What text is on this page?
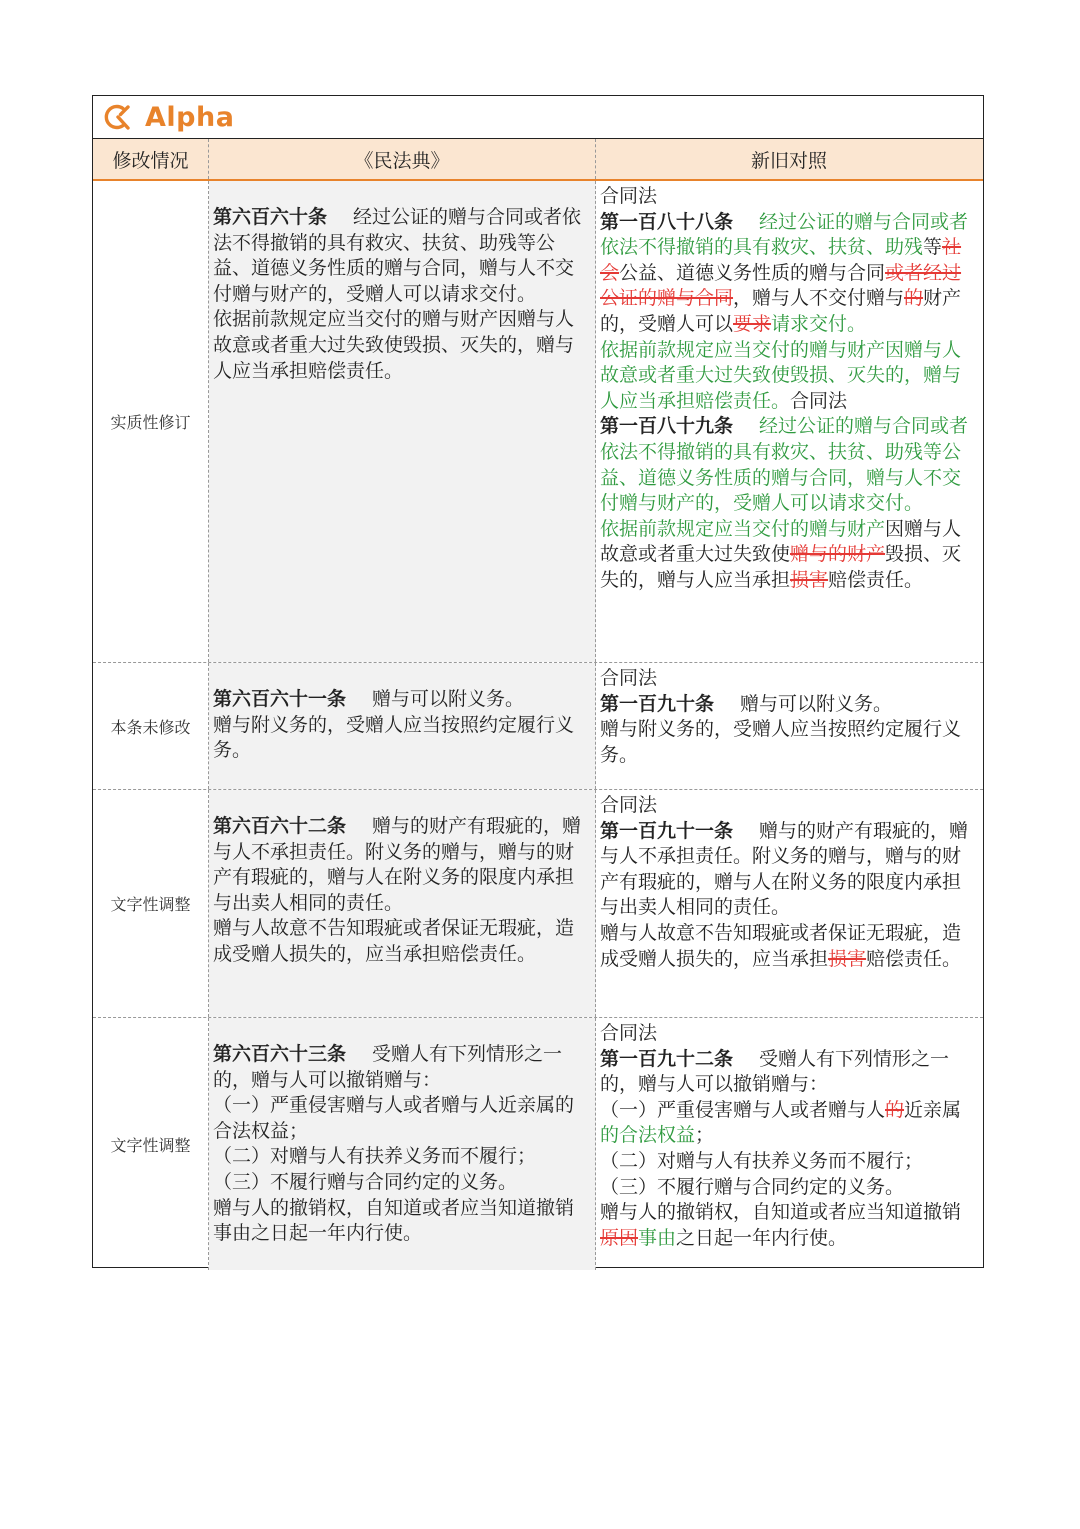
Alpha
修改情况	《民法典》	新旧对照
实质性修订

第六百六十条 经过公证的赠与合同或者依法不得撤销的具有救灾、扶贫、助残等公益、道德义务性质的赠与合同，赠与人不交付赠与财产的，受赠人可以请求交付。

依据前款规定应当交付的赠与财产因赠与人故意或者重大过失致使毁损、灭失的，赠与人应当承担赔偿责任。

合同法

第一百八十八条 经过公证的赠与合同或者依法不得撤销的具有救灾、扶贫、助残等社会公益、道德义务性质的赠与合同或者经过公证的赠与合同，赠与人不交付赠与的财产的，受赠人可以要求请求交付。

依据前款规定应当交付的赠与财产因赠与人故意或者重大过失致使毁损、灭失的，赠与人应当承担赔偿责任。合同法

第一百八十九条 经过公证的赠与合同或者依法不得撤销的具有救灾、扶贫、助残等公益、道德义务性质的赠与合同，赠与人不交付赠与财产的，受赠人可以请求交付。

依据前款规定应当交付的赠与财产因赠与人故意或者重大过失致使赠与的财产毁损、灭失的，赠与人应当承担损害赔偿责任。

本条未修改

第六百六十一条 赠与可以附义务。

赠与附义务的，受赠人应当按照约定履行义务。

合同法

第一百九十条 赠与可以附义务。

赠与附义务的，受赠人应当按照约定履行义务。

文字性调整

第六百六十二条 赠与的财产有瑕疵的，赠与人不承担责任。附义务的赠与，赠与的财产有瑕疵的，赠与人在附义务的限度内承担与出卖人相同的责任。

赠与人故意不告知瑕疵或者保证无瑕疵，造成受赠人损失的，应当承担赔偿责任。

合同法

第一百九十一条 赠与的财产有瑕疵的，赠与人不承担责任。附义务的赠与，赠与的财产有瑕疵的，赠与人在附义务的限度内承担与出卖人相同的责任。

赠与人故意不告知瑕疵或者保证无瑕疵，造成受赠人损失的，应当承担损害赔偿责任。

文字性调整

第六百六十三条 受赠人有下列情形之一的，赠与人可以撤销赠与：

（一）严重侵害赠与人或者赠与人近亲属的合法权益；

（二）对赠与人有扶养义务而不履行；

（三）不履行赠与合同约定的义务。

赠与人的撤销权，自知道或者应当知道撤销事由之日起一年内行使。

合同法

第一百九十二条 受赠人有下列情形之一的，赠与人可以撤销赠与：

（一）严重侵害赠与人或者赠与人的近亲属的合法权益；

（二）对赠与人有扶养义务而不履行；

（三）不履行赠与合同约定的义务。

赠与人的撤销权，自知道或者应当知道撤销原因事由之日起一年内行使。
